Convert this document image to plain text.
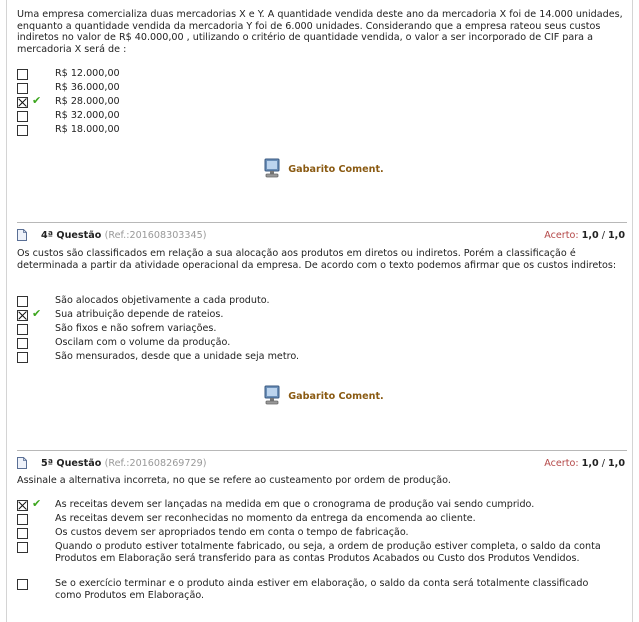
Uma empresa comercializa duas mercadorias X e Y. A quantidade vendida deste ano da mercadoria X foi de 14.000 unidades, enquanto a quantidade vendida da mercadoria Y foi de 6.000 unidades. Considerando que a empresa rateou seus custos indiretos no valor de R$ 40.000,00 , utilizando o critério de quantidade vendida, o valor a ser incorporado de CIF para a mercadoria X será de :
R$ 12.000,00
R$ 36.000,00
✔ R$ 28.000,00
R$ 32.000,00
R$ 18.000,00
Gabarito Coment.
4ª Questão (Ref.:201608303345)	Acerto: 1,0 / 1,0
Os custos são classificados em relação a sua alocação aos produtos em diretos ou indiretos. Porém a classificação é determinada a partir da atividade operacional da empresa. De acordo com o texto podemos afirmar que os custos indiretos:
São alocados objetivamente a cada produto.
✔ Sua atribuição depende de rateios.
São fixos e não sofrem variações.
Oscilam com o volume da produção.
São mensurados, desde que a unidade seja metro.
Gabarito Coment.
5ª Questão (Ref.:201608269729)	Acerto: 1,0 / 1,0
Assinale a alternativa incorreta, no que se refere ao custeamento por ordem de produção.
✔ As receitas devem ser lançadas na medida em que o cronograma de produção vai sendo cumprido.
As receitas devem ser reconhecidas no momento da entrega da encomenda ao cliente.
Os custos devem ser apropriados tendo em conta o tempo de fabricação.
Quando o produto estiver totalmente fabricado, ou seja, a ordem de produção estiver completa, o saldo da conta Produtos em Elaboração será transferido para as contas Produtos Acabados ou Custo dos Produtos Vendidos.
Se o exercício terminar e o produto ainda estiver em elaboração, o saldo da conta será totalmente classificado como Produtos em Elaboração.
